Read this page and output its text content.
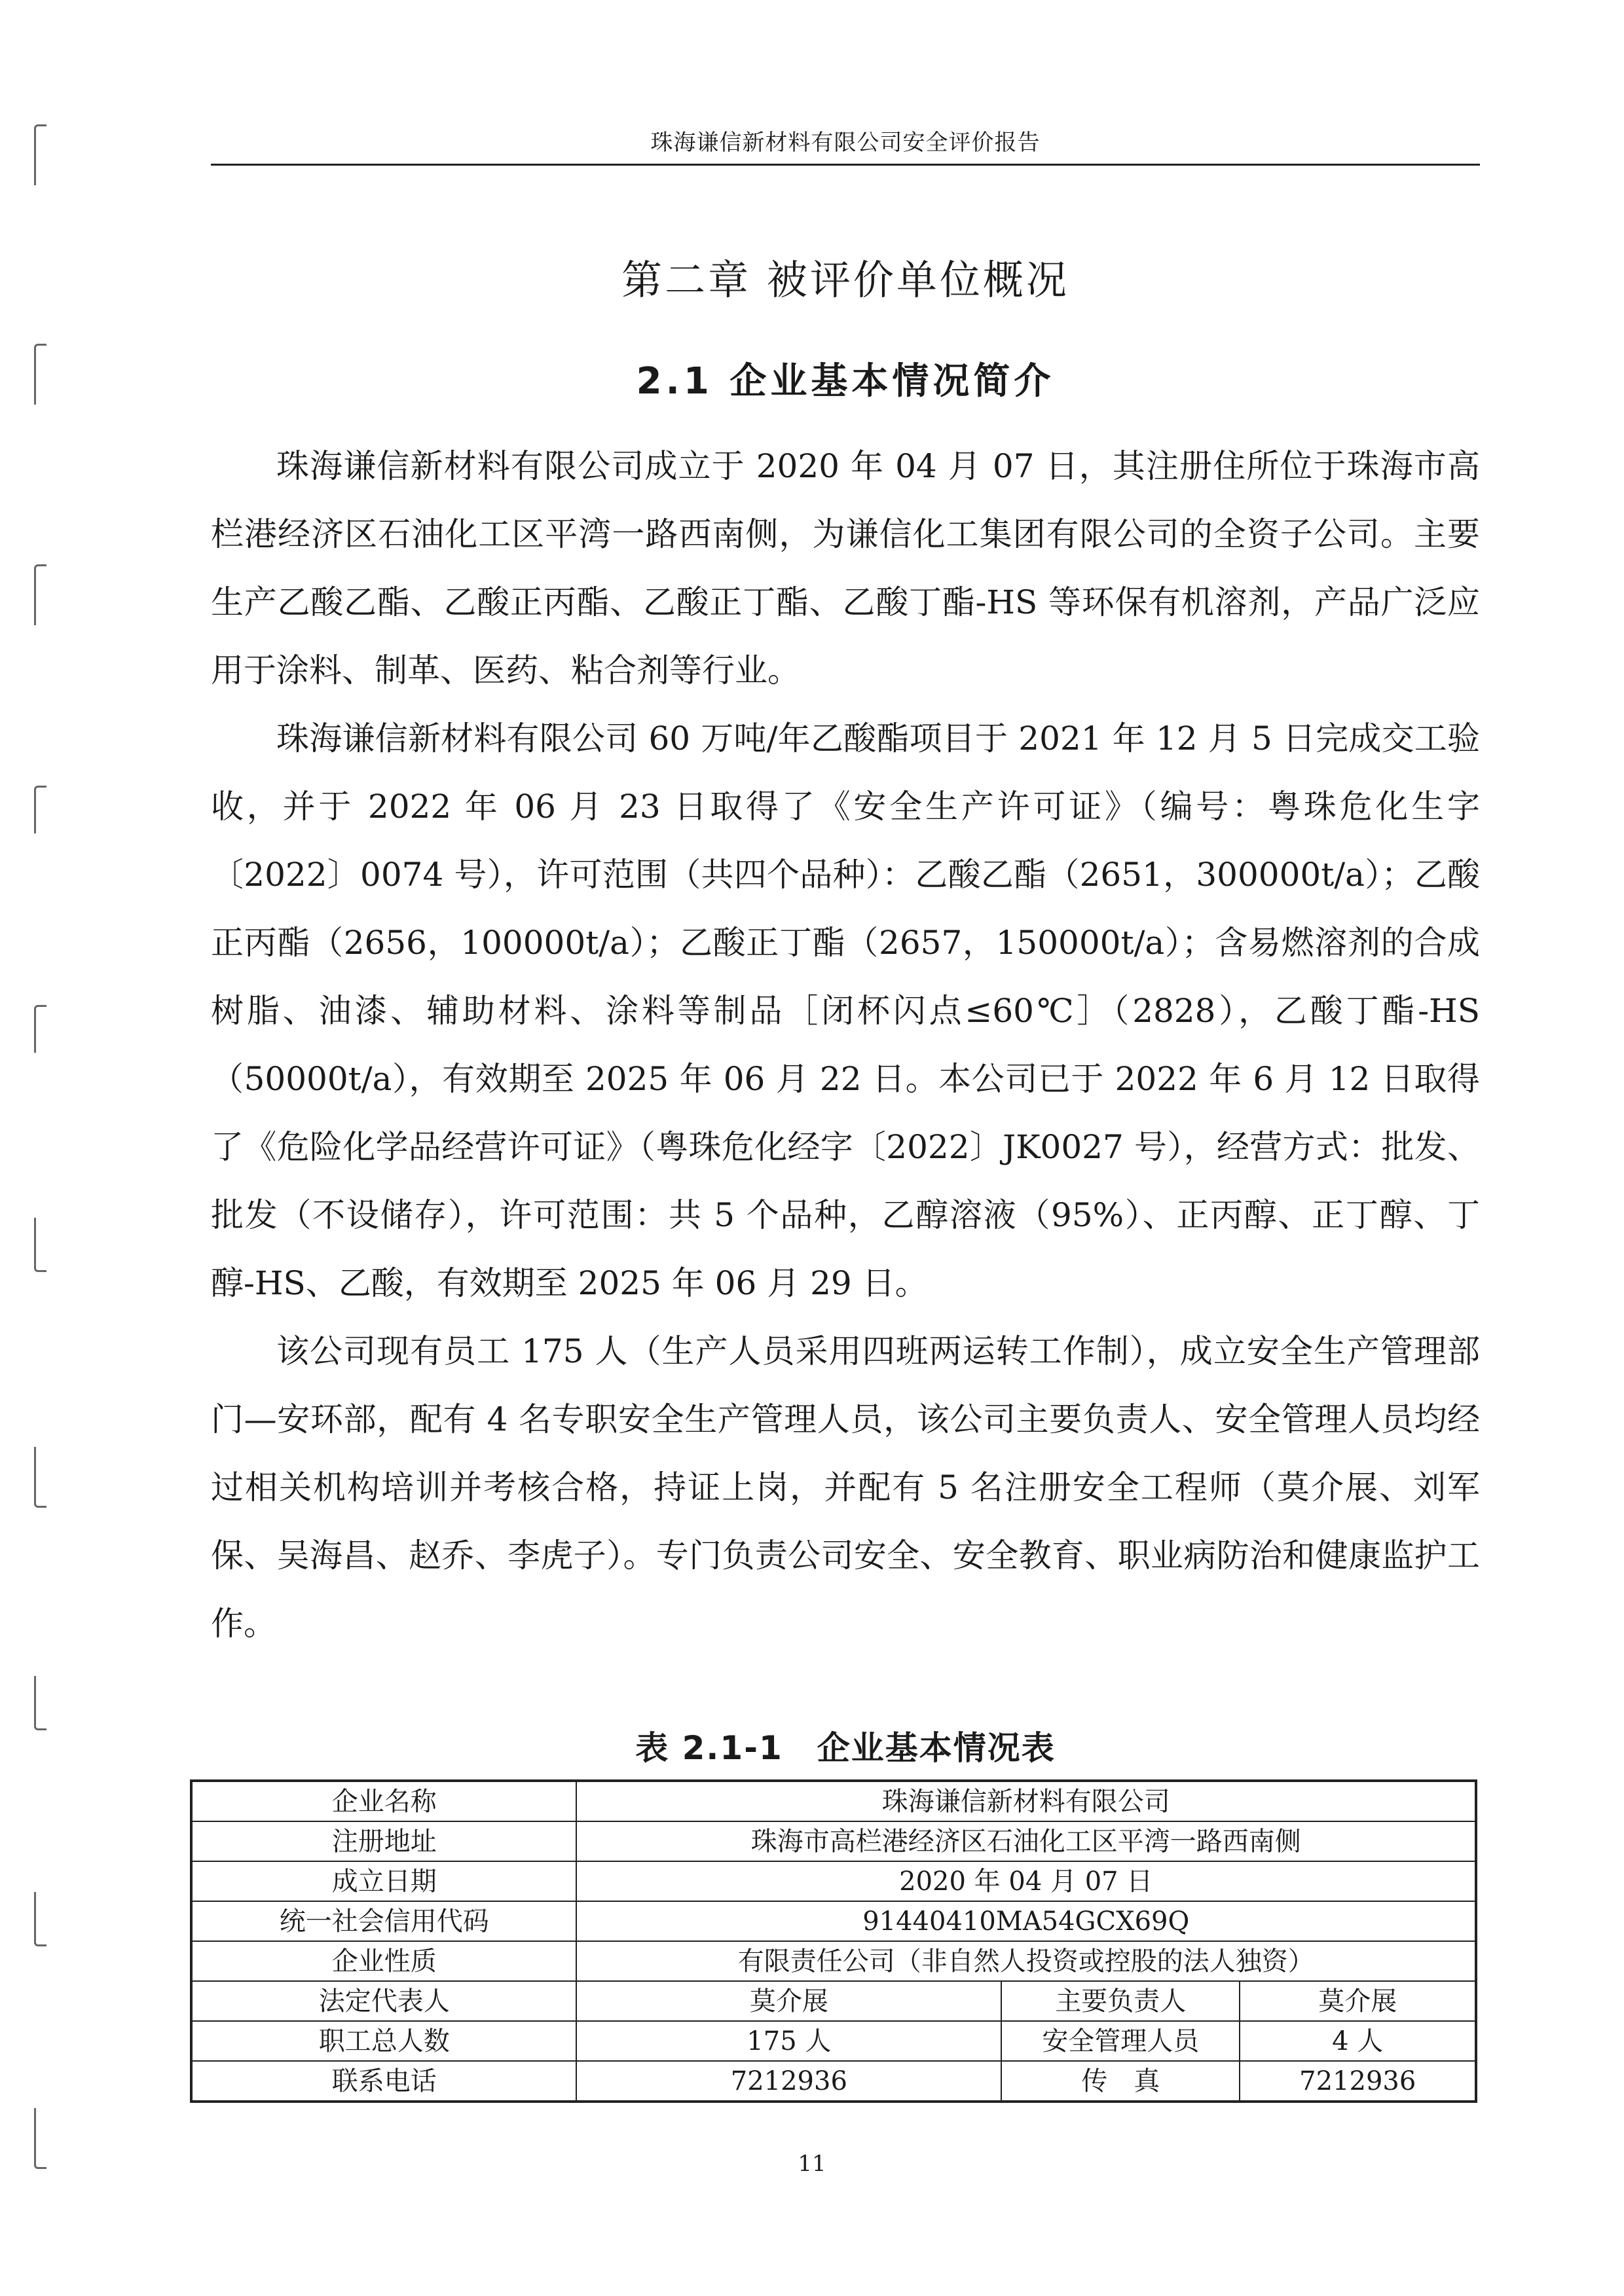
珠海谦信新材料有限公司安全评价报告
第二章 被评价单位概况
2.1 企业基本情况简介

珠海谦信新材料有限公司成立于 2020 年 04 月 07 日，其注册住所位于珠海市高栏港经济区石油化工区平湾一路西南侧，为谦信化工集团有限公司的全资子公司。主要生产乙酸乙酯、乙酸正丙酯、乙酸正丁酯、乙酸丁酯-HS 等环保有机溶剂，产品广泛应用于涂料、制革、医药、粘合剂等行业。

珠海谦信新材料有限公司 60 万吨/年乙酸酯项目于 2021 年 12 月 5 日完成交工验收，并于 2022 年 06 月 23 日取得了《安全生产许可证》（编号：粤珠危化生字〔2022〕0074 号），许可范围（共四个品种）：乙酸乙酯（2651，300000t/a）；乙酸正丙酯（2656，100000t/a）；乙酸正丁酯（2657，150000t/a）；含易燃溶剂的合成树脂、油漆、辅助材料、涂料等制品［闭杯闪点≤60℃］（2828），乙酸丁酯-HS（50000t/a），有效期至 2025 年 06 月 22 日。本公司已于 2022 年 6 月 12 日取得了《危险化学品经营许可证》（粤珠危化经字〔2022〕JK0027 号），经营方式：批发、批发（不设储存），许可范围：共 5 个品种，乙醇溶液（95%）、正丙醇、正丁醇、丁醇-HS、乙酸，有效期至 2025 年 06 月 29 日。

该公司现有员工 175 人（生产人员采用四班两运转工作制），成立安全生产管理部门—安环部，配有 4 名专职安全生产管理人员，该公司主要负责人、安全管理人员均经过相关机构培训并考核合格，持证上岗，并配有 5 名注册安全工程师（莫介展、刘军保、吴海昌、赵乔、李虎子）。专门负责公司安全、安全教育、职业病防治和健康监护工作。

表 2.1-1　企业基本情况表
企业名称	珠海谦信新材料有限公司		
注册地址	珠海市高栏港经济区石油化工区平湾一路西南侧		
成立日期	2020 年 04 月 07 日		
统一社会信用代码	91440410MA54GCX69Q		
企业性质	有限责任公司（非自然人投资或控股的法人独资）		
法定代表人	莫介展	主要负责人	莫介展
职工总人数	175 人	安全管理人员	4 人
联系电话	7212936	传　真	7212936
11
